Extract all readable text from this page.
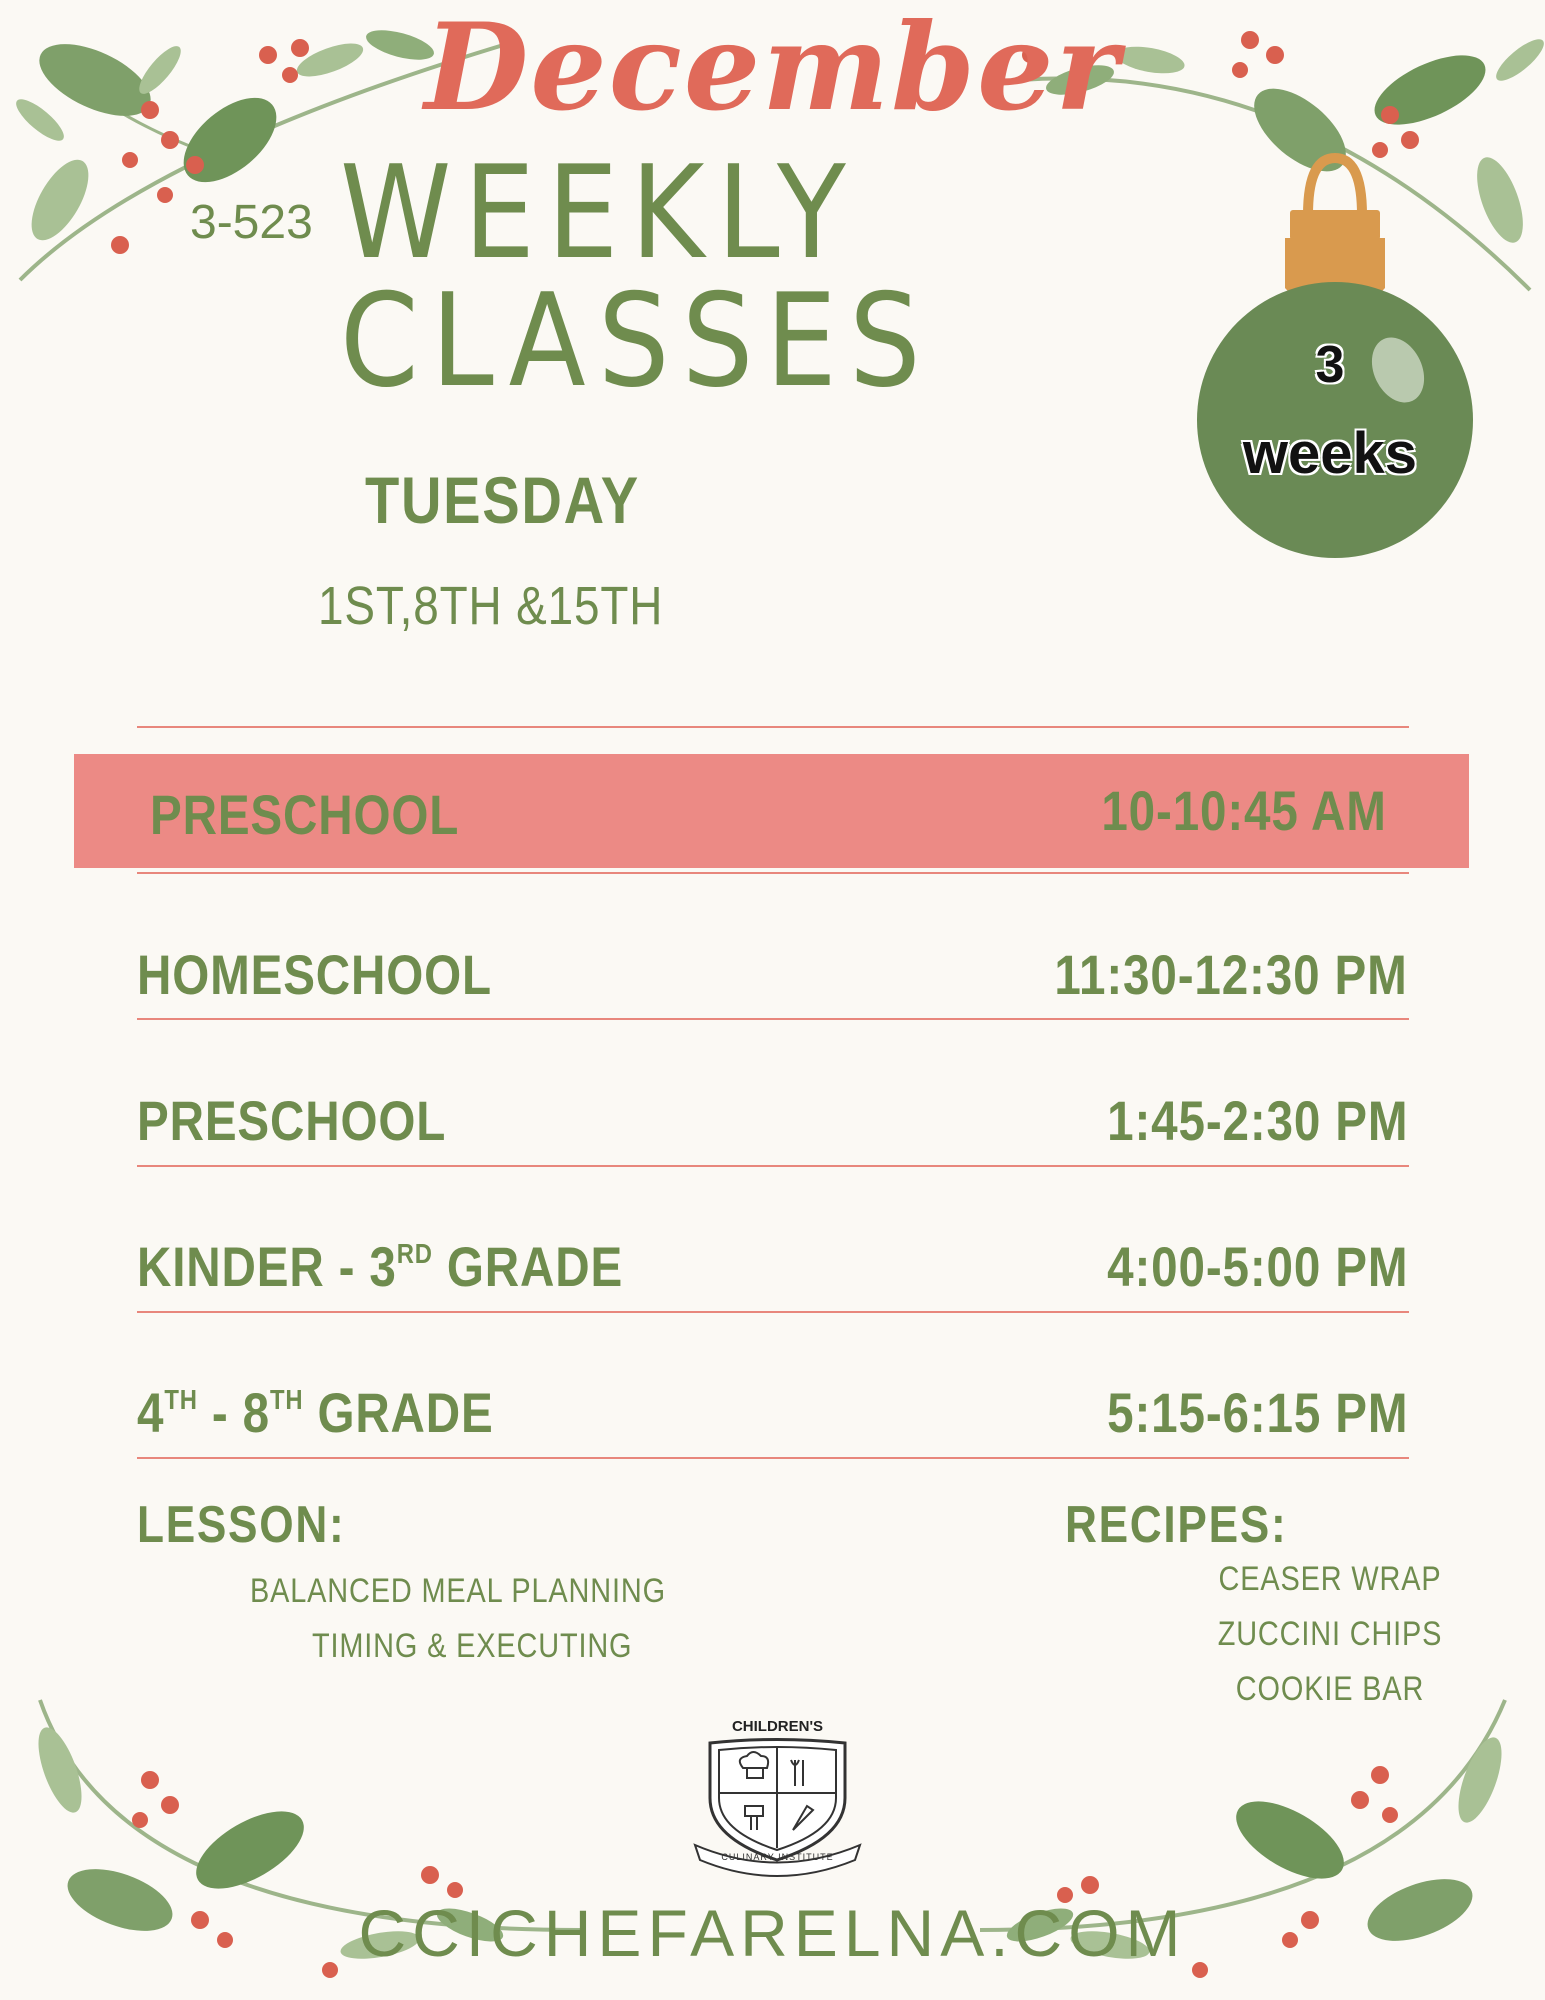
December
3-523 WEEKLY CLASSES	3
weeks
TUESDAY
1ST,8TH &15TH
PRESCHOOL	10-10:45 AM
HOMESCHOOL	11:30-12:30 PM
PRESCHOOL	1:45-2:30 PM
KINDER - 3RD GRADE	4:00-5:00 PM
4TH - 8TH GRADE	5:15-6:15 PM
LESSON:
BALANCED MEAL PLANNING
TIMING & EXECUTING
RECIPES:
CEASER WRAP
ZUCCINI CHIPS
COOKIE BAR
CHILDREN'S
CULINARY INSTITUTE
CCICHEFARELNA.COM
